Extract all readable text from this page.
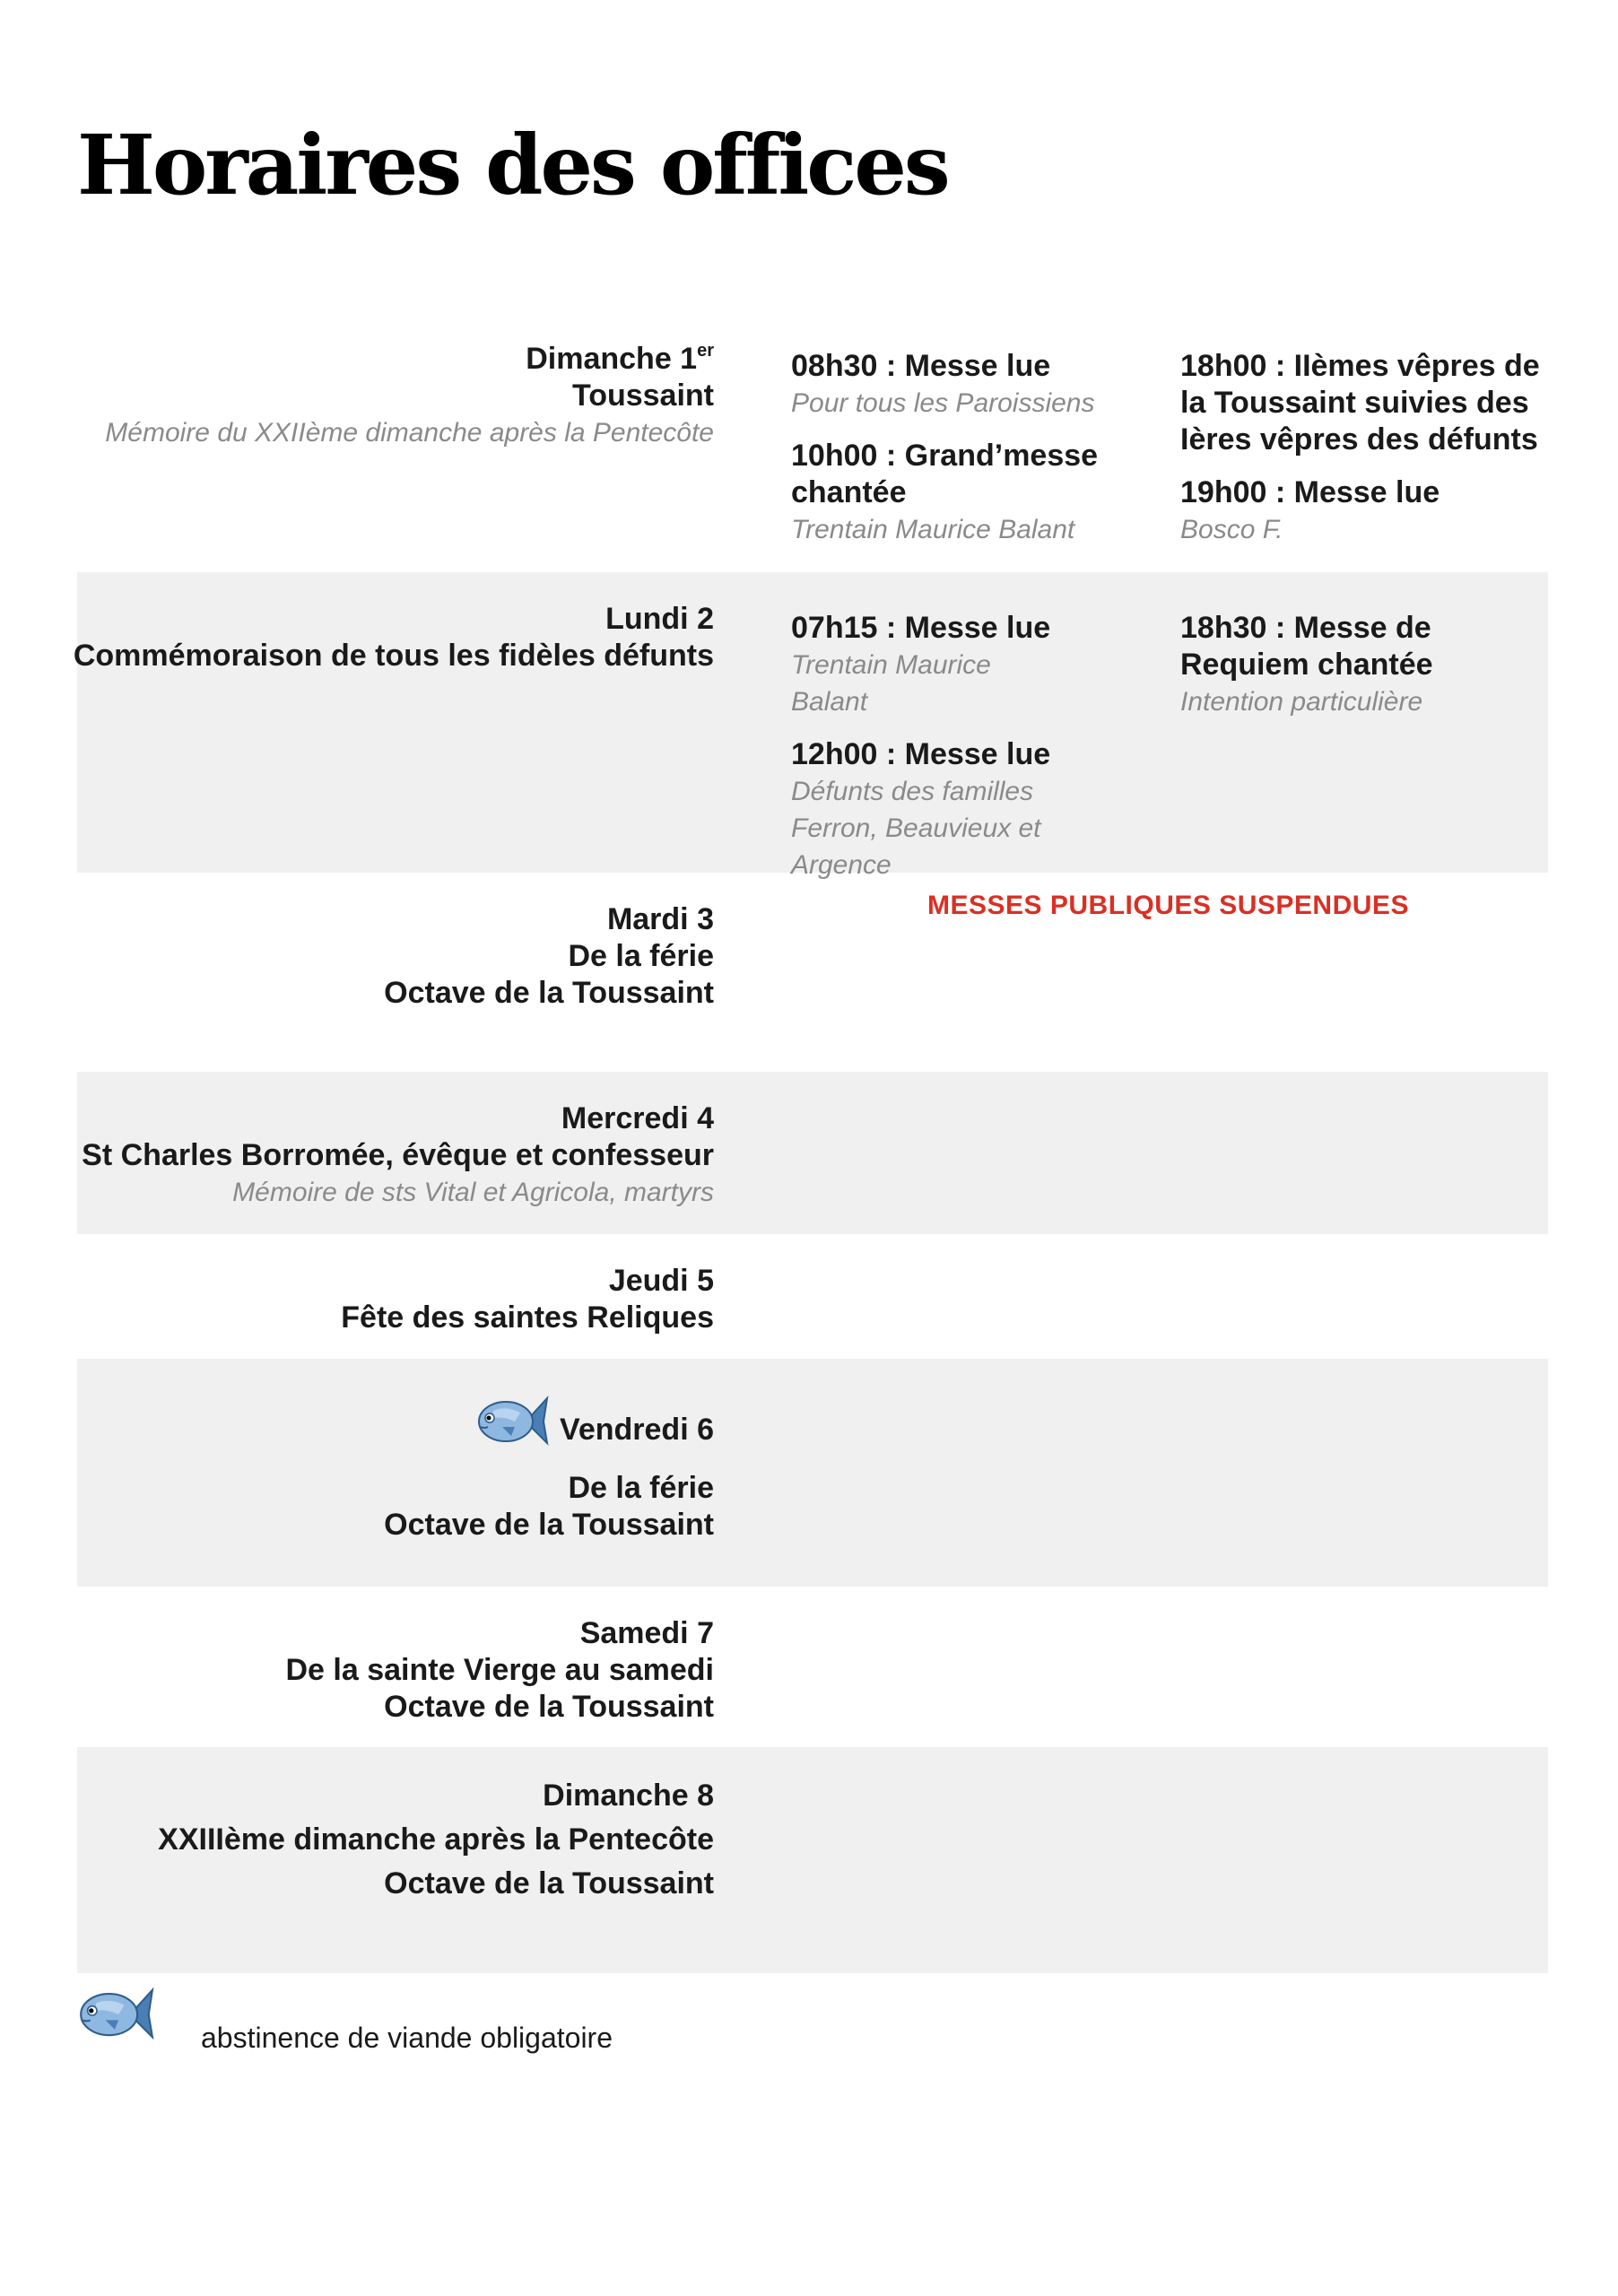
Horaires des offices
Dimanche 1er
Toussaint
Mémoire du XXIIème dimanche après la Pentecôte
08h30 : Messe lue
Pour tous les Paroissiens
10h00 : Grand’messe chantée
Trentain Maurice Balant
18h00 : IIèmes vêpres de la Toussaint suivies des Ières vêpres des défunts
19h00 : Messe lue
Bosco F.
Lundi 2
Commémoraison de tous les fidèles défunts
07h15 : Messe lue
Trentain Maurice Balant
12h00 : Messe lue
Défunts des familles Ferron, Beauvieux et Argence
18h30 : Messe de Requiem chantée
Intention particulière
Mardi 3
De la férie
Octave de la Toussaint
MESSES PUBLIQUES SUSPENDUES
Mercredi 4
St Charles Borromée, évêque et confesseur
Mémoire de sts Vital et Agricola, martyrs
Jeudi 5
Fête des saintes Reliques
Vendredi 6
De la férie
Octave de la Toussaint
Samedi 7
De la sainte Vierge au samedi
Octave de la Toussaint
Dimanche 8
XXIIIème dimanche après la Pentecôte
Octave de la Toussaint
abstinence de viande obligatoire
